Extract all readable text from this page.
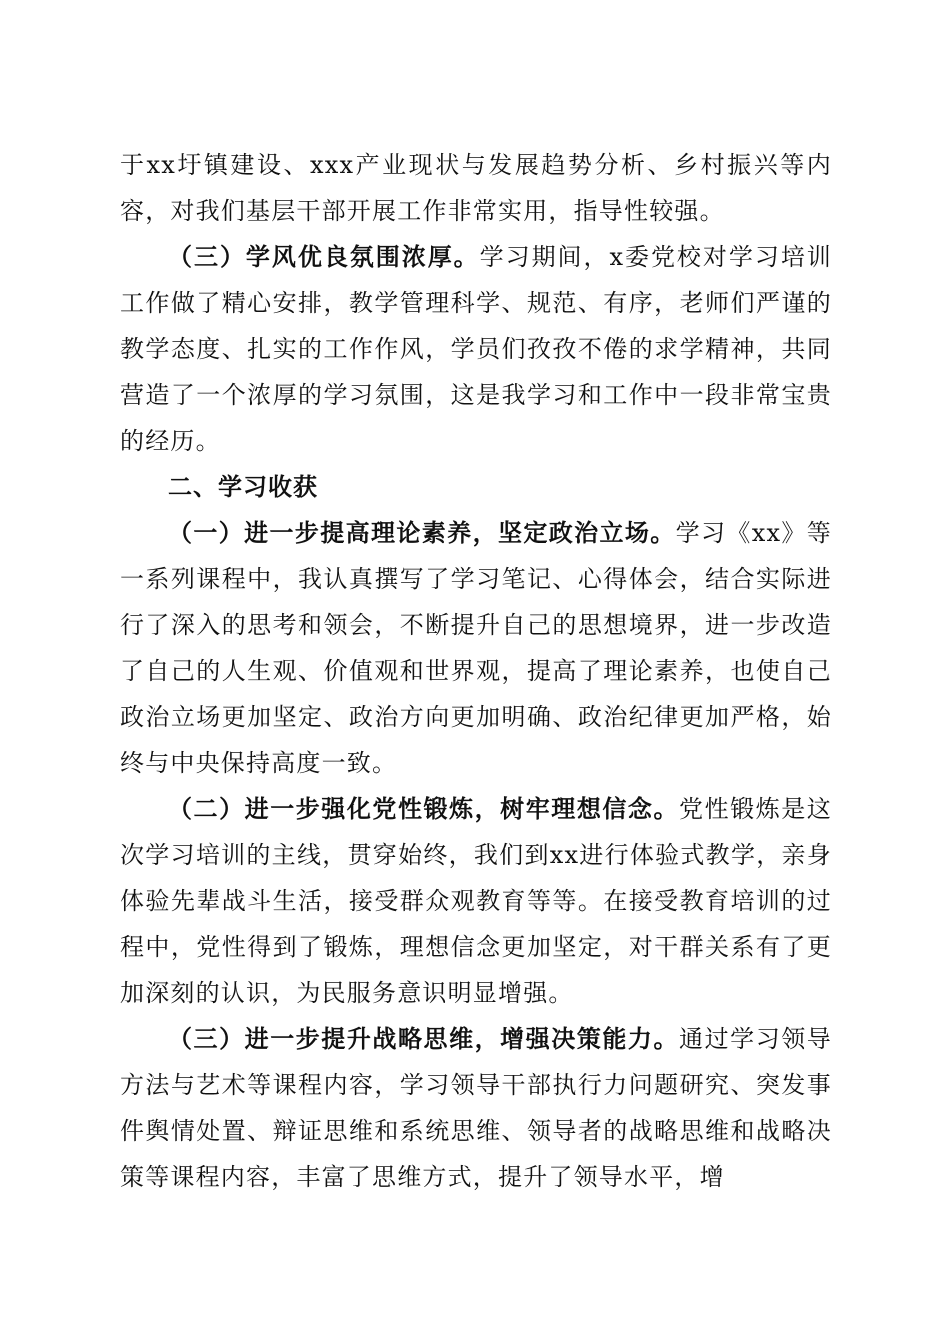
于xx圩镇建设、xxx产业现状与发展趋势分析、乡村振兴等内容，对我们基层干部开展工作非常实用，指导性较强。

（三）学风优良氛围浓厚。学习期间，x委党校对学习培训工作做了精心安排，教学管理科学、规范、有序，老师们严谨的教学态度、扎实的工作作风，学员们孜孜不倦的求学精神，共同营造了一个浓厚的学习氛围，这是我学习和工作中一段非常宝贵的经历。

二、学习收获

（一）进一步提高理论素养，坚定政治立场。学习《xx》等一系列课程中，我认真撰写了学习笔记、心得体会，结合实际进行了深入的思考和领会，不断提升自己的思想境界，进一步改造了自己的人生观、价值观和世界观，提高了理论素养，也使自己政治立场更加坚定、政治方向更加明确、政治纪律更加严格，始终与中央保持高度一致。

（二）进一步强化党性锻炼，树牢理想信念。党性锻炼是这次学习培训的主线，贯穿始终，我们到xx进行体验式教学，亲身体验先辈战斗生活，接受群众观教育等等。在接受教育培训的过程中，党性得到了锻炼，理想信念更加坚定，对干群关系有了更加深刻的认识，为民服务意识明显增强。

（三）进一步提升战略思维，增强决策能力。通过学习领导方法与艺术等课程内容，学习领导干部执行力问题研究、突发事件舆情处置、辩证思维和系统思维、领导者的战略思维和战略决策等课程内容，丰富了思维方式，提升了领导水平，增
